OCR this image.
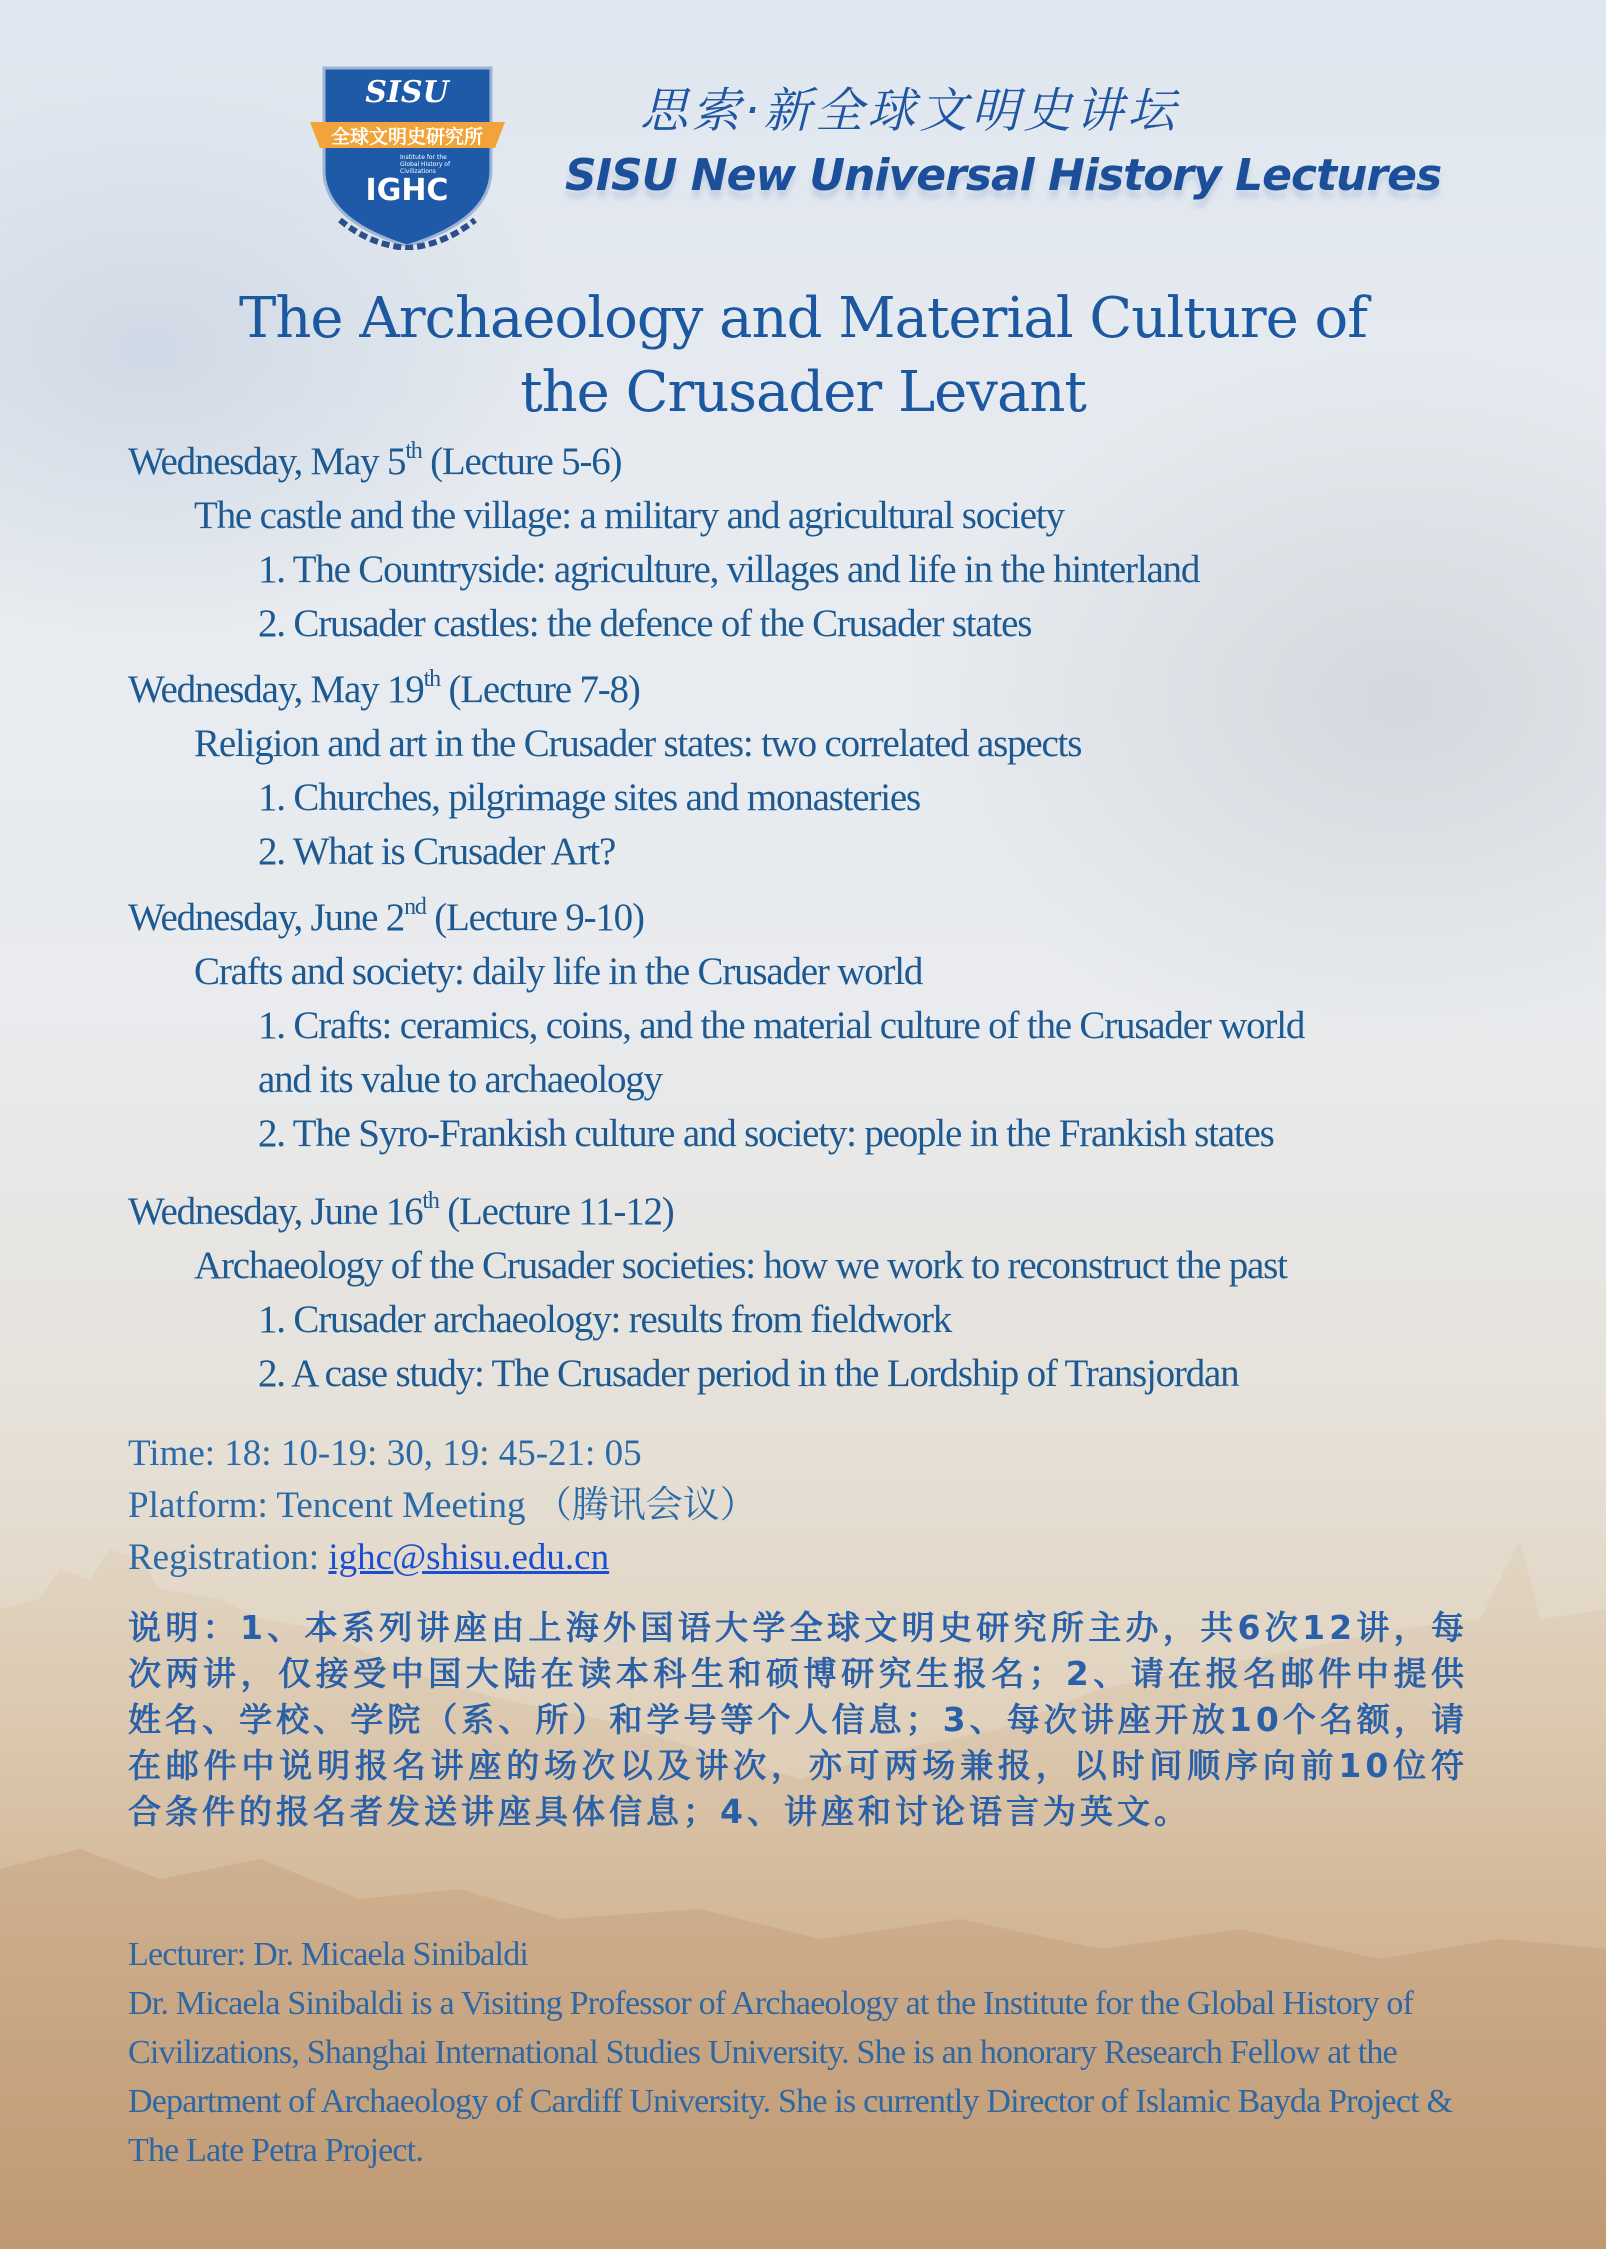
SISU
全球文明史研究所
IGHC
Institute for the Global History of Civilizations
思索·新全球文明史讲坛
SISU New Universal History Lectures
The Archaeology and Material Culture of
the Crusader Levant
Wednesday, May 5th (Lecture 5-6)
The castle and the village: a military and agricultural society
1. The Countryside: agriculture, villages and life in the hinterland
2. Crusader castles: the defence of the Crusader states
Wednesday, May 19th (Lecture 7-8)
Religion and art in the Crusader states: two correlated aspects
1. Churches, pilgrimage sites and monasteries
2. What is Crusader Art?
Wednesday, June 2nd (Lecture 9-10)
Crafts and society: daily life in the Crusader world
1. Crafts: ceramics, coins, and the material culture of the Crusader world
and its value to archaeology
2. The Syro-Frankish culture and society: people in the Frankish states
Wednesday, June 16th (Lecture 11-12)
Archaeology of the Crusader societies: how we work to reconstruct the past
1. Crusader archaeology: results from fieldwork
2. A case study: The Crusader period in the Lordship of Transjordan
Time: 18: 10-19: 30, 19: 45-21: 05
Platform: Tencent Meeting （腾讯会议）
Registration: ighc@shisu.edu.cn
说明：1、本系列讲座由上海外国语大学全球文明史研究所主办，共6次12讲，每次两讲，仅接受中国大陆在读本科生和硕博研究生报名；2、请在报名邮件中提供姓名、学校、学院（系、所）和学号等个人信息；3、每次讲座开放10个名额，请在邮件中说明报名讲座的场次以及讲次，亦可两场兼报，以时间顺序向前10位符合条件的报名者发送讲座具体信息；4、讲座和讨论语言为英文。
Lecturer: Dr. Micaela Sinibaldi
Dr. Micaela Sinibaldi is a Visiting Professor of Archaeology at the Institute for the Global History of Civilizations, Shanghai International Studies University. She is an honorary Research Fellow at the Department of Archaeology of Cardiff University. She is currently Director of Islamic Bayda Project & The Late Petra Project.
